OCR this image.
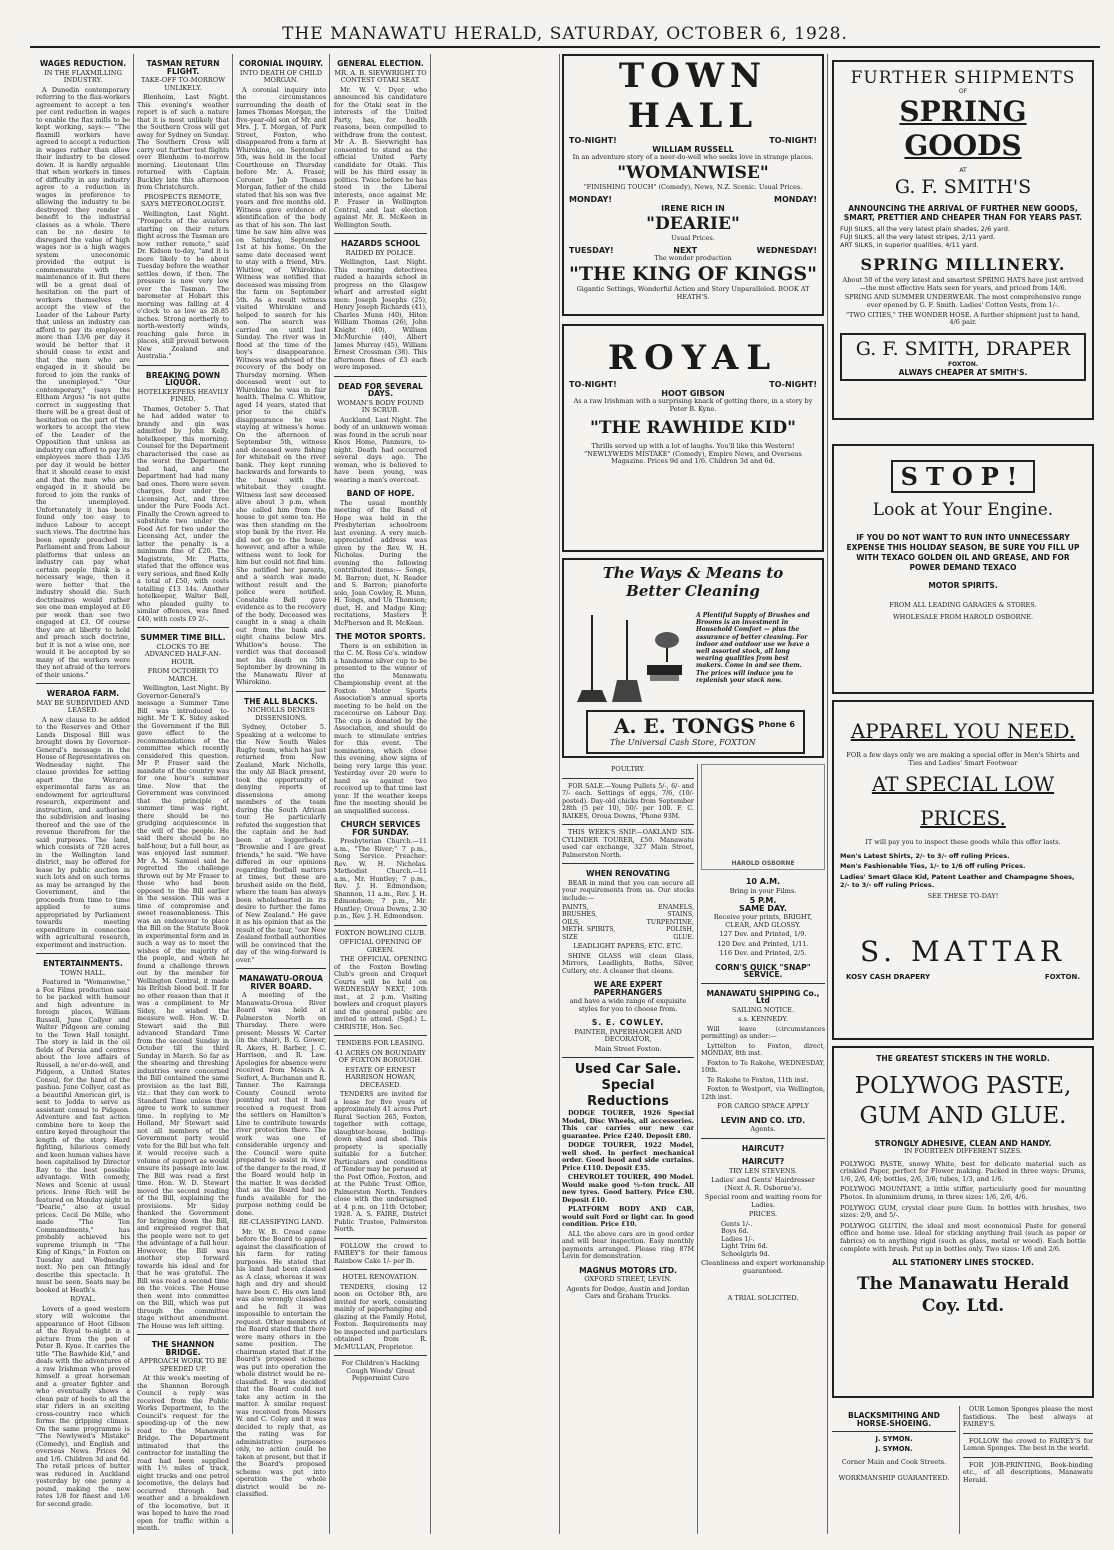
THE MANAWATU HERALD, SATURDAY, OCTOBER 6, 1928.
WAGES REDUCTION.
IN THE FLAXMILLING INDUSTRY.

A Dunedin contemporary referring to the flax-workers agreement to accept a ten per cent reduction in wages to enable the flax mills to be kept working, says:— "The flaxmill workers have agreed to accept a reduction in wages rather than allow their industry to be closed down. It is hardly arguable that when workers in times of difficulty in any industry agree to a reduction in wages in preference to allowing the industry to be destroyed they render a benefit to the industrial classes as a whole. There can be no desire to disregard the value of high wages nor is a high wages system uneconomic provided the output is commensurate with the maintenance of it. But there will be a great deal of hesitation on the part of workers themselves to accept the view of the Leader of the Labour Party that unless an industry can afford to pay its employees more than 13/6 per day it would be better that it should cease to exist and that the men who are engaged in it should be forced to join the ranks of the unemployed." "Our contemporary," (says the Eltham Argus) "is not quite correct in suggesting that there will be a great deal of hesitation on the part of the workers to accept the view of the Leader of the Opposition that unless an industry can afford to pay its employees more than 13/6 per day it would be better that it should cease to exist and that the men who are engaged in it should be forced to join the ranks of the unemployed. Unfortunately it has been found only too easy to induce Labour to accept such views. The doctrine has been openly preached in Parliament and from Labour platforms that unless an industry can pay what certain people think is a necessary wage, then it were better that the industry should die. Such doctrinaires would rather see one man employed at £6 per week than see two engaged at £3. Of course they are at liberty to hold and preach such doctrine, but it is not a wise one, nor would it be accepted by so many of the workers were they not afraid of the terrors of their unions."

WERAROA FARM.
MAY BE SUBDIVIDED AND LEASED.

A new clause to be added to the Reserves and Other Lands Disposal Bill was brought down by Governor-General's message in the House of Representatives on Wednesday night. The clause provides for setting apart the Weraroa experimental farm as an endowment for agricultural research, experiment and instruction, and authorises the subdivision and leasing thereof and the use of the revenue therefrom for the said purposes. The land, which consists of 728 acres in the Wellington land district, may be offered for lease by public auction in such lots and on such terms as may be arranged by the Government, and the proceeds from time to time applied to sums appropriated by Parliament towards meeting expenditure in connection with agricultural research, experiment and instruction.

ENTERTAINMENTS.
TOWN HALL.

Featured in "Womanwise," a Fox Films production said to be packed with humour and high adventure in foreign places, William Russell, June Collyer and Walter Pidgeon are coming to the Town Hall tonight. The story is laid in the oil fields of Persia and centres about the love affairs of Russell, a ne'er-do-well, and Pidgeon, a United States Consul, for the hand of the pashua. June Collyer, cast as a beautiful American girl, is sent to Jedda to serve as assistant consul to Pidgeon. Adventure and fast action combine here to keep the entire keyed throughout the length of the story. Hard fighting, hilarious comedy and keen human values have been capitalised by Director Ray to the best possible advantage. With comedy, News and Scenic at usual prices. Irene Rich will be featured on Monday night in "Dearie," also at usual prices. Cecil De Mille, who made "The Ten Commandments," has probably achieved his supreme triumph in "The King of Kings," in Foxton on Tuesday and Wednesday next. No pen can fittingly describe this spectacle. It must be seen. Seats may be booked at Heath's.

ROYAL.

Lovers of a good western story will welcome the appearance of Hoot Gibson at the Royal to-night in a picture from the pen of Peter B. Kyne. It carries the title "The Rawhide Kid," and deals with the adventures of a raw Irishman who proved himself a great horseman and a greater fighter and who eventually shows a clean pair of heels to all the star riders in an exciting cross-country race which forms the gripping climax. On the same programme is "The Newlywed's Mistake" (Comedy), and English and overseas News. Prices 9d and 1/6. Children 3d and 6d. The retail prices of butter was reduced in Auckland yesterday by one penny a pound, making the new rates 1/8 for finest and 1/6 for second grade.

TASMAN RETURN FLIGHT.
TAKE-OFF TO-MORROW UNLIKELY.

Blenheim, Last Night. This evening's weather report is of such a nature that it is most unlikely that the Southern Cross will get away for Sydney on Sunday. The Southern Cross will carry out further test flights over Blenheim to-morrow morning. Lieutenant Ulm returned with Captain Buckley late this afternoon from Christchurch.

PROSPECTS REMOTE, SAYS METEOROLOGIST.

Wellington, Last Night. "Prospects of the aviators starting on their return flight across the Tasman are now rather remote," said Dr. Kidson to-day, "and it is more likely to be about Tuesday before the weather settles down, if then. The pressure is now very low over the Tasman. The barometer at Hobart this morning was falling at 4 o'clock to as low as 28.85 inches. Strong northerly to north-westerly winds, reaching gale force in places, still prevail between New Zealand and Australia."

BREAKING DOWN LIQUOR.
HOTELKEEPERS HEAVILY FINED.

Thames, October 5. That he had added water to brandy and gin was admitted by John Kelly, hotelkeeper, this morning. Counsel for the Department characterised the case as the worst the Department had had, and the Department had had many bad ones. There were seven charges, four under the Licensing Act, and three under the Pure Foods Act. Finally the Crown agreed to substitute two under the Food Act for two under the Licensing Act, under the latter the penalty is a minimum fine of £20. The Magistrate, Mr. Platts, stated that the offence was very serious, and fined Kelly a total of £50, with costs totalling £13 14s. Another hotelkeeper, Walter Bell, who pleaded guilty to similar offences, was fined £40, with costs £9 2/-.

SUMMER TIME BILL.
CLOCKS TO BE ADVANCED HALF-AN-HOUR.
FROM OCTOBER TO MARCH.

Wellington, Last Night. By Governor-General's message a Summer Time Bill was introduced to-night. Mr T. K. Sidey asked the Government if the Bill gave effect to the recommendations of the committee which recently considered this question. Mr P. Fraser said the mandate of the country was for one hour's summer time. Now that the Government was convinced that the principle of summer time was right, there should be no grudging acquiescence in the will of the people. He said there should be no half-hour, but a full hour, as was enjoyed last summer. Mr A. M. Samuel said he regretted the challenge thrown out by Mr Fraser to those who had been opposed to the Bill earlier in the session. This was a time of compromise and sweet reasonableness. This was an endeavour to place the Bill on the Statute Book in experimental form and in such a way as to meet the wishes of the majority of the people, and when he found a challenge thrown out by the member for Wellington Central, it made his British blood boil. If for no other reason than that it was a compliment to Mr Sidey, he wished the measure well. Hon. W. D. Stewart said the Bill advanced Standard Time from the second Sunday in October till the third Sunday in March. So far as the shearing and threshing industries were concerned the Bill contained the same provision as the last Bill, viz.: that they can work to Standard Time unless they agree to work to summer time. In replying to Mr Holland, Mr Stewart said not all members of the Government party would vote for the Bill but who felt it would receive such a volume of support as would ensure its passage into law. The Bill was read a first time. Hon. W. D. Stewart moved the second reading of the Bill, explaining the provisions. Mr Sidey thanked the Government for bringing down the Bill, and expressed regret that the people were not to get the advantage of a full hour. However, the Bill was another step forward towards his ideal and for that he was grateful. The Bill was read a second time on the voices. The House then went into committee on the Bill, which was put through the committee stage without amendment. The House was left sitting.

THE SHANNON BRIDGE.
APPROACH WORK TO BE SPEEDED UP.

At this week's meeting of the Shannon Borough Council a reply was received from the Public Works Department, to the Council's request for the speeding-up of the new road to the Manawatu Bridge. The Department intimated that the contractor for installing the road had been supplied with 1½ miles of track, eight trucks and one petrol locomotive, the delays had occurred through bad weather and a breakdown of the locomotive, but it was hoped to have the road open for traffic within a month.

CORONIAL INQUIRY.
INTO DEATH OF CHILD MORGAN.

A coronial inquiry into the circumstances surrounding the death of James Thomas Morgan, the five-year-old son of Mr. and Mrs. J. T. Morgan, of Park Street, Foxton, who disappeared from a farm at Whirokino, on September 5th, was held in the local Courthouse on Thursday before Mr. A. Fraser, Coroner. Job Thomas Morgan, father of the child stated that his son was five years and five months old. Witness gave evidence of identification of the body as that of his son. The last time he saw him alive was on Saturday, September 1st at his home. On the same date deceased went to stay with a friend, Mrs. Whitlow, of Whirokino. Witness was notified that deceased was missing from the farm on September 5th. As a result witness visited Whirokino and helped to search for his son. The search was carried on until last Sunday. The river was in flood at the time of the boy's disappearance. Witness was advised of the recovery of the body on Thursday morning. When deceased went out to Whirokino he was in fair health. Thelma C. Whitlow, aged 14 years, stated that prior to the child's disappearance he was staying at witness's home. On the afternoon of September 5th, witness and deceased were fishing for whitebait on the river bank. They kept running backwards and forwards to the house with the whitebait they caught. Witness last saw deceased alive about 3 p.m. when she called him from the house to get some tea. He was then standing on the stop bank by the river. He did not go to the house, however, and after a while witness went to look for him but could not find him. She notified her parents, and a search was made without result and the police were notified. Constable Bell gave evidence as to the recovery of the body. Deceased was caught in a snag a chain out from the bank and eight chains below Mrs. Whitlow's house. The verdict was that deceased met his death on 5th September by drowning in the Manawatu River at Whirokino.

THE ALL BLACKS.
NICHOLLS DENIES DISSENSIONS.

Sydney, October 5. Speaking at a welcome to the New South Wales Rugby team, which has just returned from New Zealand, Mark Nicholls, the only All Black present, took the opportunity of denying reports of dissensions among members of the team during the South African tour. He particularly refuted the suggestion that the captain and he had been at loggerheads. "Brownlie and I are great friends," he said. "We have differed in our opinions regarding football matters at times, but these are brushed aside on the field, where the team has always been wholehearted in its desire to further the fame of New Zealand." He gave it as his opinion that as the result of the tour, "our New Zealand football authorities will be convinced that the day of the wing-forward is over."

MANAWATU-OROUA RIVER BOARD.

A meeting of the Manawatu-Oroua River Board was held at Palmerston North on Thursday. There were present: Messrs W. Carter (in the chair), B. G. Gower, R. Akers, H. Barber, J. C. Harrison, and R. Law. Apologies for absence were received from Messrs A. Seifert, A. Buchanan and R. Tanner. The Kairanga County Council wrote pointing out that it had received a request from the settlers on Hamilton's Line to contribute towards river protection there. The work was one of considerable urgency and the Council were quite prepared to assist in view of the danger to the road, if the Board would help in the matter. It was decided that as the Board had no funds available for the purpose nothing could be done.

RE-CLASSIFYING LAND.

Mr. W. B. Croad came before the Board to appeal against the classification of his farm for rating purposes. He stated that his land had been classed as A class, whereas it was high and dry and should have been C. His own land was also wrongly classified and he felt it was impossible to entertain the request. Other members of the Board stated that there were many others in the same position. The chairman stated that if the Board's proposed scheme was put into operation the whole district would be re-classified. It was decided that the Board could not take any action in the matter. A similar request was received from Messrs W. and C. Coley and it was decided to reply that, as the rating was for administrative purposes only, no action could be taken at present, but that if the Board's proposed scheme was put into operation the whole district would be re-classified.

GENERAL ELECTION.
MR. A. B. SIEVWRIGHT TO CONTEST OTAKI SEAT.

Mr. W. V. Dyer, who announced his candidature for the Otaki seat in the interests of the United Party, has, for health reasons, been compelled to withdraw from the contest. Mr A. B. Sievwright has consented to stand as the official United Party candidate for Otaki. This will be his third essay in politics. Twice before he has stood in the Liberal interests, once against Mr. P. Fraser in Wellington Central, and last election against Mr. R. McKeen in Wellington South.

HAZARDS SCHOOL
RAIDED BY POLICE.

Wellington, Last Night. This morning detectives raided a hazards school in progress on the Glasgow wharf and arrested eight men: Joseph Josephs (25), Henry Joseph Richards (41), Charles Munn (40), Hiton William Thomas (26), John Knight (40), William McMurchie (40), Albert James Murray (45), William Ernest Crossman (38). This afternoon fines of £3 each were imposed.

DEAD FOR SEVERAL DAYS.
WOMAN'S BODY FOUND IN SCRUB.

Auckland, Last Night. The body of an unknown woman was found in the scrub near Knox Home, Panmure, to-night. Death had occurred several days ago. The woman, who is believed to have been young, was wearing a man's overcoat.

BAND OF HOPE.

The usual monthly meeting of the Band of Hope was held in the Presbyterian schoolroom last evening. A very much-appreciated address was given by the Rev. W. H. Nicholas. During the evening the following contributed items:— Songs, M. Barron; duet, N. Reader and S. Barron; pianoforte solo, Joan Cowley, R. Munn, H. Tongs, and Un Thomson; duet, H. and Madge King; recitations, Masters P. McPherson and R. McKean.

THE MOTOR SPORTS.

There is on exhibition in the C. M. Ross Co's. window a handsome silver cup to be presented to the winner of the Manawatu Championship event at the Foxton Motor Sports Association's annual sports meeting to be held on the racecourse on Labour Day. The cup is donated by the Association, and should do much to stimulate entries for this event. The nominations, which close this evening, show signs of being very large this year. Yesterday over 20 were to hand as against two received up to that time last year. If the weather keeps fine the meeting should be an unqualified success.

CHURCH SERVICES FOR SUNDAY.

Presbyterian Church.—11 a.m., "The River;" 7 p.m., Song Service. Preacher: Rev. W. H. Nicholas. Methodist Church.—11 a.m., Mr. Huntley; 7 p.m., Rev. J. H. Edmondson; Shannon, 11 a.m., Rev. J. H. Edmondson; 7 p.m., Mr. Huntley; Oroua Downs, 2.30 p.m., Rev. J. H. Edmondson.

FOXTON BOWLING CLUB.
OFFICIAL OPENING OF GREEN.

THE OFFICIAL OPENING of the Foxton Bowling Club's green and Croquet Courts will be held on WEDNESDAY NEXT, 10th inst., at 2 p.m. Visiting bowlers and croquet players and the general public are invited to attend. (Sgd.) L. CHRISTIE, Hon. Sec.

TENDERS FOR LEASING.
41 ACRES ON BOUNDARY OF FOXTON BOROUGH.
ESTATE OF ERNEST HARRISON HOWAN, DECEASED.

TENDERS are invited for a lease for five years of approximately 41 acres Part Rural Section 265, Foxton, together with cottage, slaughter-house, boiling-down shed and shed. This property is specially suitable for a butcher. Particulars and conditions of Tender may be perused at the Post Office, Foxton, and at the Public Trust Office, Palmerston North. Tenders close with the undersigned at 4 p.m. on 11th October, 1928. A. S. FAIRE, District Public Trustee, Palmerston North.

FOLLOW the crowd to FAIREY'S for their famous Rainbow Cake 1/- per lb.

HOTEL RENOVATION.

TENDERS, closing 12 noon on October 8th, are invited for work, consisting mainly of paperhanging and glazing at the Family Hotel, Foxton. Requirements may be inspected and particulars obtained from R. McMULLAN, Proprietor.

For Children's Hacking Cough Woods' Great Peppermint Cure
TOWN HALL
TO-NIGHT!	TO-NIGHT!
WILLIAM RUSSELL
In an adventure story of a neer-do-well who seeks love in strange places.
"WOMANWISE"
"FINISHING TOUCH" (Comedy), News, N.Z. Scenic. Usual Prices.
MONDAY!	MONDAY!
IRENE RICH IN
"DEARIE"
Usual Prices.
TUESDAY!	NEXT	WEDNESDAY!
The wonder production
"THE KING OF KINGS"
Gigantic Settings, Wonderful Action and Story Unparalleled. BOOK AT HEATH'S.
ROYAL
TO-NIGHT!	TO-NIGHT!
HOOT GIBSON
As a raw Irishman with a surprising knack of getting there, in a story by Peter B. Kyne.
"THE RAWHIDE KID"
Thrills served up with a lot of laughs. You'll like this Western! "NEWLYWEDS MISTAKE" (Comedy), Empire News, and Overseas Magazine. Prices 9d and 1/6. Children 3d and 6d.
The Ways & Means to Better Cleaning
A Plentiful Supply of Brushes and Brooms is an investment in Household Comfort — plus the assurance of better cleaning. For indoor and outdoor use we have a well assorted stock, all long wearing qualities from best makers. Come in and see them. The prices will induce you to replenish your stock now.
A. E. TONGS Phone 6
The Universal Cash Store, FOXTON
POULTRY.

FOR SALE.—Young Pullets 5/-, 6/- and 7/- each. Settings of eggs, 7/6, (10/- posted). Day-old chicks from September 28th (5 per 10), 50/- per 100. F. C. RAIKES, Oroua Downs, 'Phone 93M.

THIS WEEK'S SNIP.—OAKLAND SIX-CYLINDER TOURER, £50. Manawatu used car exchange, 327 Main Street, Palmerston North.

WHEN RENOVATING

BEAR in mind that you can secure all your requirements from us. Our stocks include:—

PAINTS,	ENAMELS,
BRUSHES,	STAINS,
OILS,	TURPENTINE,
METH. SPIRITS,	POLISH,
SIZE	GLUE.
LEADLIGHT PAPERS, ETC. ETC.

SHINE GLASS will clean Glass, Mirrors, Leadlights, Baths, Silver, Cutlery, etc. A cleaner that cleans.

WE ARE EXPERT PAPERHANGERS
and have a wide range of exquisite styles for you to choose from.
S. E. COWLEY.
PAINTER, PAPERHANGER AND DECORATOR,
Main Street Foxton.
Used Car Sale.
Special Reductions

DODGE TOURER, 1926 Special Model, Disc Wheels, all accessories. This car carries our new car guarantee. Price £240. Deposit £80.

DODGE TOURER, 1922 Model, well shod. In perfect mechanical order. Good hood and side curtains. Price £110. Deposit £35.

CHEVROLET TOURER, 490 Model. Would make good ½-ton truck. All new tyres. Good battery. Price £30. Deposit £10.

PLATFORM BODY AND CAB, would suit Ford or light car. In good condition. Price £10.

ALL the above cars are in good order and will bear inspection. Easy monthly payments arranged. Please ring 87M Levin for demonstration.

MAGNUS MOTORS LTD.
OXFORD STREET, LEVIN.
Agents for Dodge, Austin and Jordan Cars and Graham Trucks.
HAROLD OSBORNE
10 A.M.
Bring in your Films.
5 P.M.
SAME DAY.
Receive your prints, BRIGHT, CLEAR, AND GLOSSY.
127 Dev. and Printed, 1/9.
120 Dev. and Printed, 1/11.
116 Dev. and Printed, 2/5.
CORN'S QUICK "SNAP" SERVICE.
MANAWATU SHIPPING Co., Ltd
SAILING NOTICE.
s.s. KENNEDY.

Will leave (circumstances permitting) as under:—

Lyttelton to Foxton, direct, MONDAY, 8th inst.

Foxton to Te Rakohe, WEDNESDAY, 10th.

Te Rakohe to Foxton, 11th inst.

Foxton to Westport, via Wellington, 12th inst.

FOR CARGO SPACE APPLY
LEVIN AND CO. LTD.
Agents.
HAIRCUT?
HAIRCUT?
TRY LEN STEVENS.
Ladies' and Gents' Hairdresser (Next A. R. Osborne's).
Special room and waiting room for Ladies.
PRICES.
Gents 1/-.
Boys 6d.
Ladies 1/-.
Light Trim 6d.
Schoolgirls 9d.
Cleanliness and expert workmanship guaranteed.
A TRIAL SOLICITED.
FURTHER SHIPMENTS
OF
SPRING GOODS
AT
G. F. SMITH'S
ANNOUNCING THE ARRIVAL OF FURTHER NEW GOODS, SMART, PRETTIER AND CHEAPER THAN FOR YEARS PAST.
FUJI SILKS, all the very latest plain shades, 2/6 yard.
FUJI SILKS, all the very latest stripes, 2/11 yard.
ART SILKS, in superior qualities, 4/11 yard.
SPRING MILLINERY.
About 50 of the very latest and smartest SPRING HATS have just arrived—the most effective Hats seen for years, and priced from 14/6.
SPRING AND SUMMER UNDERWEAR. The most comprehensive range ever opened by G. F. Smith. Ladies' Cotton Vests, from 1/-.
"TWO CITIES," THE WONDER HOSE. A further shipment just to hand, 4/6 pair.
G. F. SMITH, DRAPER
FOXTON.
ALWAYS CHEAPER AT SMITH'S.
STOP!
Look at Your Engine.
IF YOU DO NOT WANT TO RUN INTO UNNECESSARY EXPENSE THIS HOLIDAY SEASON, BE SURE YOU FILL UP WITH TEXACO GOLDEN OIL AND GREASE, AND FOR POWER DEMAND TEXACO
MOTOR SPIRITS.
FROM ALL LEADING GARAGES & STORES.
WHOLESALE FROM HAROLD OSBORNE.
APPAREL YOU NEED.
FOR a few days only we are making a special offer in Men's Shirts and Ties and Ladies' Smart Footwear
AT SPECIAL LOW PRICES.
IT will pay you to inspect these goods while this offer lasts.
Men's Latest Shirts, 2/- to 3/- off ruling Prices.
Men's Fashionable Ties, 1/- to 1/6 off ruling Prices.
Ladies' Smart Glace Kid, Patent Leather and Champagne Shoes, 2/- to 3/- off ruling Prices.
SEE THESE TO-DAY!
S. MATTAR
KOSY CASH DRAPERY	FOXTON.
THE GREATEST STICKERS IN THE WORLD.
POLYWOG PASTE, GUM AND GLUE.
STRONGLY ADHESIVE, CLEAN AND HANDY.
IN FOURTEEN DIFFERENT SIZES.
POLYWOG PASTE, snowy White, best for delicate material such as crinkled Paper, perfect for Flower making. Packed in three ways: Drums, 1/6, 2/6, 4/6; bottles, 2/6, 3/6; tubes, 1/3, and 1/6.
POLYWOG MOUNTANT, a little stiffer, particularly good for mounting Photos. In aluminium drums, in three sizes: 1/6, 2/6, 4/6.
POLYWOG GUM, crystal clear pure Gum. In bottles with brushes, two sizes: 2/9, and 5/-.
POLYWOG GLUTIN, the ideal and most economical Paste for general office and home use. Ideal for sticking anything frail (such as paper or fabrics) on to anything rigid (such as glass, metal or wood). Each bottle complete with brush. Put up in bottles only. Two sizes: 1/6 and 2/6.
ALL STATIONERY LINES STOCKED.
The Manawatu Herald Coy. Ltd.
BLACKSMITHING AND HORSE-SHOEING.
J. SYMON.
J. SYMON.
Corner Main and Cook Streets.
WORKMANSHIP GUARANTEED.

OUR Lemon Sponges please the most fastidious. The best always at FAIREY'S.

FOLLOW the crowd to FAIREY'S for Lemon Sponges. The best in the world.

FOR JOB-PRINTING, Book-binding etc., of all descriptions, Manawatu Herald.
